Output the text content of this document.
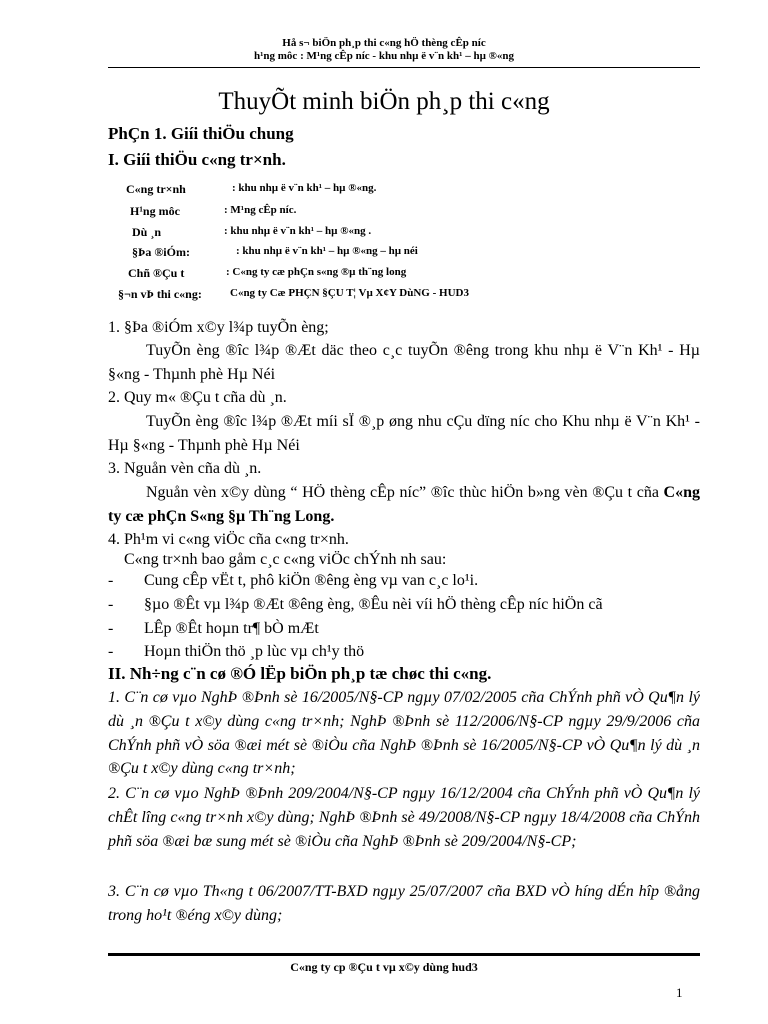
Hå s¬ biÖn ph¸p thi c«ng hÖ thèng cÊp níc
h¹ng môc : M¹ng cÊp níc - khu nhµ ë v¨n kh¹ – hµ ®«ng
ThuyÕt minh biÖn ph¸p thi c«ng
PhÇn 1. Giíi thiÖu chung
I. Giíi thiÖu c«ng tr×nh.
C«ng tr×nh	: khu nhµ ë v¨n kh¹ – hµ ®«ng.
H¹ng môc	: M¹ng cÊp níc.
Dù ¸n	: khu nhµ ë v¨n kh¹ – hµ ®«ng .
§Þa ®iÓm:	: khu nhµ ë v¨n kh¹ – hµ ®«ng – hµ néi
Chñ ®Çu t	: C«ng ty cæ phÇn s«ng ®µ th¨ng long
§¬n vÞ thi c«ng:	C«ng ty Cæ PHÇN §ÇU T¦ Vµ X¢Y DùNG - HUD3
1. §Þa ®iÓm x©y l¾p tuyÕn èng;
TuyÕn èng ®îc l¾p ®Æt däc theo c¸c tuyÕn ®êng trong khu nhµ ë V¨n Kh¹ - Hµ §«ng - Thµnh phè Hµ Néi
2. Quy m« ®Çu t cña dù ¸n.
TuyÕn èng ®îc l¾p ®Æt míi sÏ ®¸p øng nhu cÇu dïng níc cho Khu nhµ ë V¨n Kh¹ - Hµ §«ng - Thµnh phè Hµ Néi
3. Nguån vèn cña dù ¸n.
Nguån vèn x©y dùng “ HÖ thèng cÊp níc” ®îc thùc hiÖn b»ng vèn ®Çu t cña C«ng ty cæ phÇn S«ng §µ Th¨ng Long.
4. Ph¹m vi c«ng viÖc cña c«ng tr×nh.
C«ng tr×nh bao gåm c¸c c«ng viÖc chÝnh nh sau:
- Cung cÊp vËt t, phô kiÖn ®êng èng vµ van c¸c lo¹i.
- §µo ®Êt vµ l¾p ®Æt ®êng èng, ®Êu nèi víi hÖ thèng cÊp níc hiÖn cã
- LÊp ®Êt hoµn tr¶ bÒ mÆt
- Hoµn thiÖn thö ¸p lùc vµ ch¹y thö
II. Nh÷ng c¨n cø ®Ó lËp biÖn ph¸p tæ chøc thi c«ng.
1. C¨n cø vµo NghÞ ®Þnh sè 16/2005/N§-CP ngµy 07/02/2005 cña ChÝnh phñ vÒ Qu¶n lý dù ¸n ®Çu t x©y dùng c«ng tr×nh; NghÞ ®Þnh sè 112/2006/N§-CP ngµy 29/9/2006 cña ChÝnh phñ vÒ söa ®æi mét sè ®iÒu cña NghÞ ®Þnh sè 16/2005/N§-CP vÒ Qu¶n lý dù ¸n ®Çu t x©y dùng c«ng tr×nh;
2. C¨n cø vµo NghÞ ®Þnh 209/2004/N§-CP ngµy 16/12/2004 cña ChÝnh phñ vÒ Qu¶n lý chÊt lîng c«ng tr×nh x©y dùng; NghÞ ®Þnh sè 49/2008/N§-CP ngµy 18/4/2008 cña ChÝnh phñ söa ®æi bæ sung mét sè ®iÒu cña NghÞ ®Þnh sè 209/2004/N§-CP;
3. C¨n cø vµo Th«ng t 06/2007/TT-BXD ngµy 25/07/2007 cña BXD vÒ híng dÉn hîp ®ång trong ho¹t ®éng x©y dùng;
C«ng ty cp ®Çu t vµ x©y dùng hud3
1
